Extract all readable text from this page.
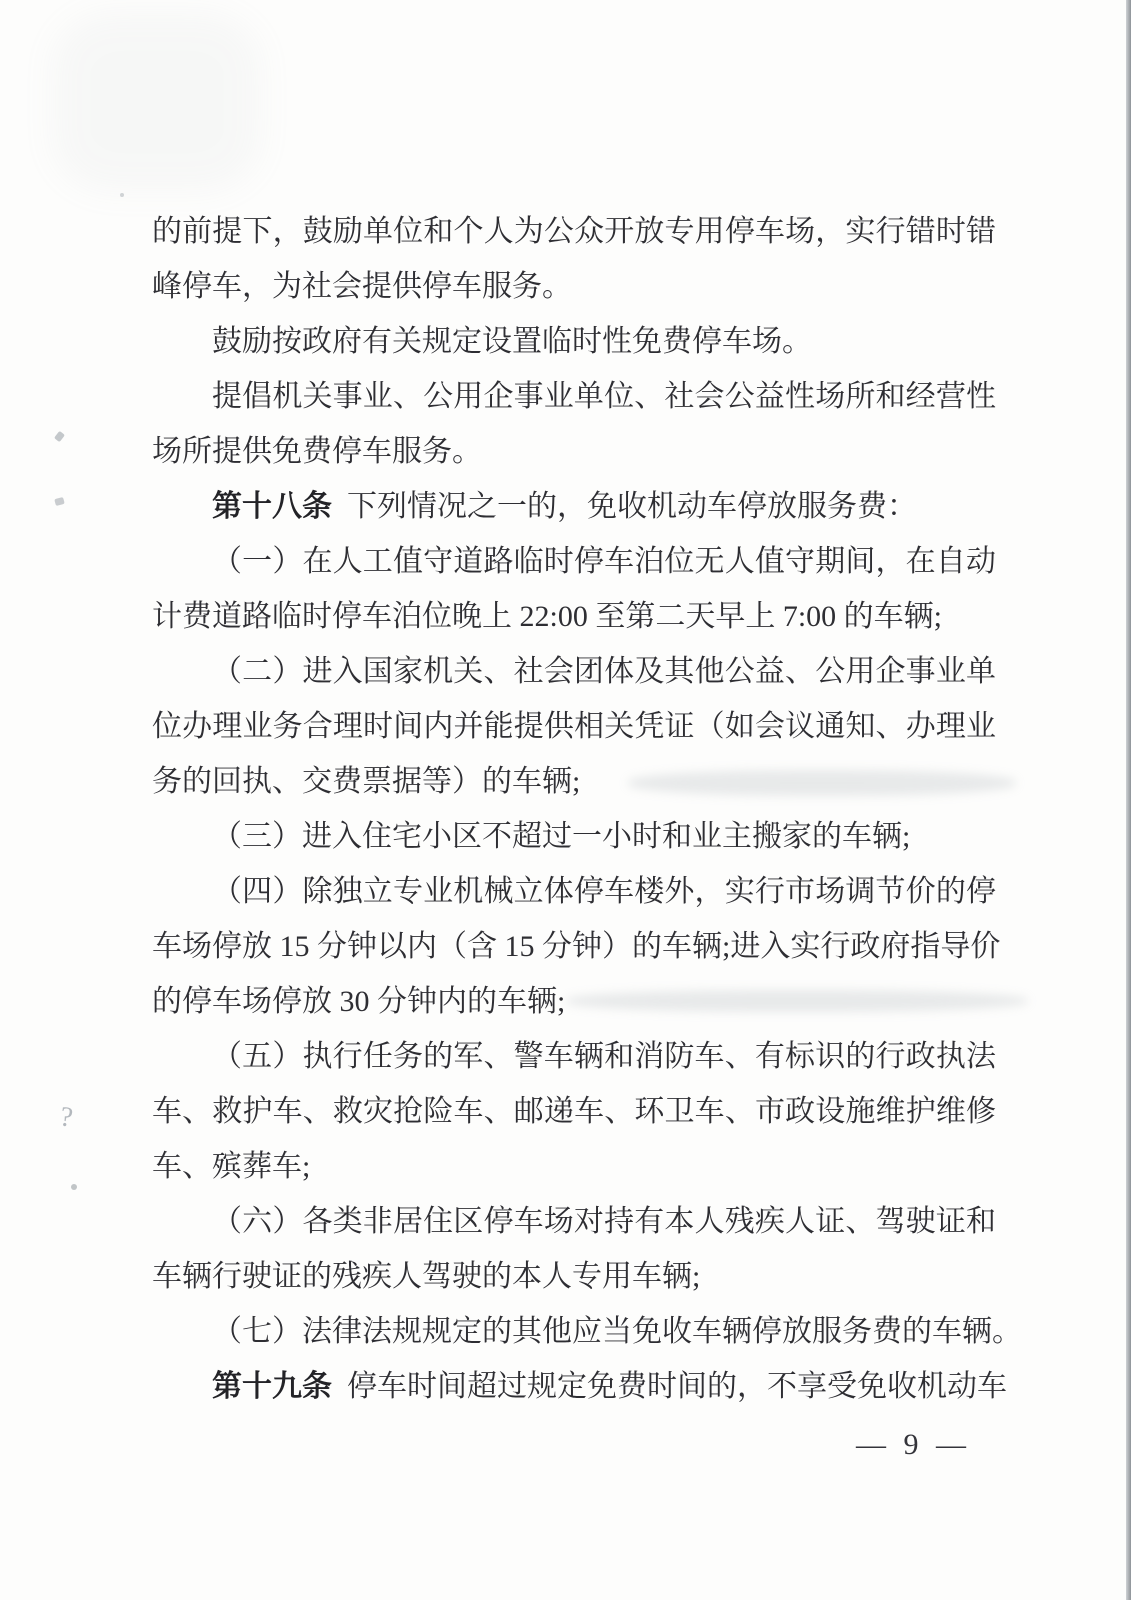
?
的前提下，鼓励单位和个人为公众开放专用停车场，实行错时错
峰停车，为社会提供停车服务。
鼓励按政府有关规定设置临时性免费停车场。
提倡机关事业、公用企事业单位、社会公益性场所和经营性
场所提供免费停车服务。
第十八条 下列情况之一的，免收机动车停放服务费：
（一）在人工值守道路临时停车泊位无人值守期间，在自动
计费道路临时停车泊位晚上 22:00 至第二天早上 7:00 的车辆;
（二）进入国家机关、社会团体及其他公益、公用企事业单
位办理业务合理时间内并能提供相关凭证（如会议通知、办理业
务的回执、交费票据等）的车辆;
（三）进入住宅小区不超过一小时和业主搬家的车辆;
（四）除独立专业机械立体停车楼外，实行市场调节价的停
车场停放 15 分钟以内（含 15 分钟）的车辆;进入实行政府指导价
的停车场停放 30 分钟内的车辆;
（五）执行任务的军、警车辆和消防车、有标识的行政执法
车、救护车、救灾抢险车、邮递车、环卫车、市政设施维护维修
车、殡葬车;
（六）各类非居住区停车场对持有本人残疾人证、驾驶证和
车辆行驶证的残疾人驾驶的本人专用车辆;
（七）法律法规规定的其他应当免收车辆停放服务费的车辆。
第十九条 停车时间超过规定免费时间的，不享受免收机动车
— 9 —
